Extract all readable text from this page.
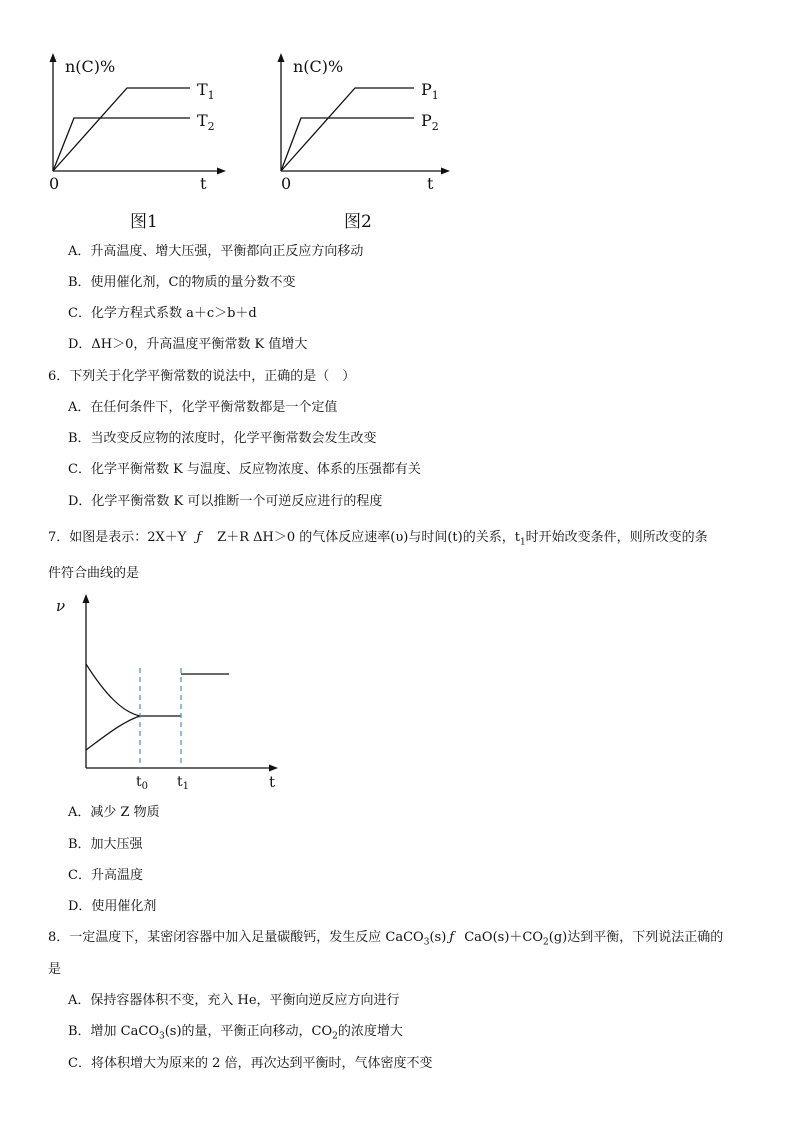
n(C)%
t
0
$T_1$
$T_2$
图1
n(C)%
t
0
$P_1$
$P_2$
图2
A．升高温度、增大压强，平衡都向正反应方向移动
B．使用催化剂，C的物质的量分数不变
C．化学方程式系数 a＋c＞b＋d
D．ΔH＞0，升高温度平衡常数 K 值增大
6．下列关于化学平衡常数的说法中，正确的是（　）
A．在任何条件下，化学平衡常数都是一个定值
B．当改变反应物的浓度时，化学平衡常数会发生改变
C．化学平衡常数 K 与温度、反应物浓度、体系的压强都有关
D．化学平衡常数 K 可以推断一个可逆反应进行的程度
7．如图是表示：2X＋Y ƒ Z＋R ΔH＞0 的气体反应速率(υ)与时间(t)的关系，$t_1$时开始改变条件，则所改变的条
件符合曲线的是
ν
t
$t_0$ $t_1$
A．减少 Z 物质
B．加大压强
C．升高温度
D．使用催化剂
8．一定温度下，某密闭容器中加入足量碳酸钙，发生反应 CaCO$_3$(s) ƒ $CaO(s)+CO_2(g)$达到平衡，下列说法正确的
是
A．保持容器体积不变，充入 He，平衡向逆反应方向进行
B．增加 CaCO$_3$(s)的量，平衡正向移动，$CO_2$的浓度增大
C．将体积增大为原来的 2 倍，再次达到平衡时，气体密度不变
